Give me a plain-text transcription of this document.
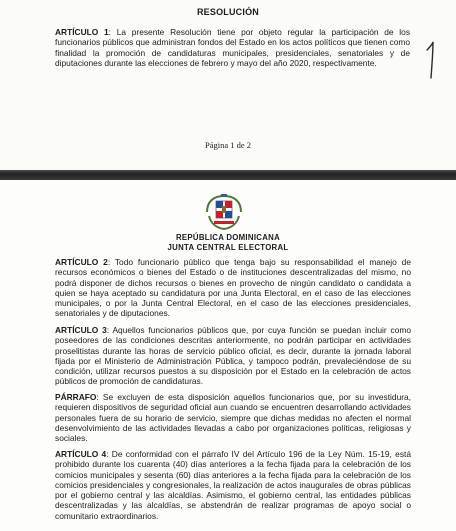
RESOLUCIÓN

ARTÍCULO 1: La presente Resolución tiene por objeto regular la participación de los funcionarios públicos que administran fondos del Estado en los actos políticos que tienen como finalidad la promoción de candidaturas municipales, presidenciales, senatoriales y de diputaciones durante las elecciones de febrero y mayo del año 2020, respectivamente.

Página 1 de 2
REPÚBLICA DOMINICANA
JUNTA CENTRAL ELECTORAL

ARTÍCULO 2: Todo funcionario público que tenga bajo su responsabilidad el manejo de recursos económicos o bienes del Estado o de instituciones descentralizadas del mismo, no podrá disponer de dichos recursos o bienes en provecho de ningún candidato o candidata a quien se haya aceptado su candidatura por una Junta Electoral, en el caso de las elecciones municipales, o por la Junta Central Electoral, en el caso de las elecciones presidenciales, senatoriales y de diputaciones.

ARTÍCULO 3: Aquellos funcionarios públicos que, por cuya función se puedan incluir como poseedores de las condiciones descritas anteriormente, no podrán participar en actividades proselitistas durante las horas de servicio público oficial, es decir, durante la jornada laboral fijada por el Ministerio de Administración Pública, y tampoco podrán, prevaleciéndose de su condición, utilizar recursos puestos a su disposición por el Estado en la celebración de actos públicos de promoción de candidaturas.

PÁRRAFO: Se excluyen de esta disposición aquellos funcionarios que, por su investidura, requieren dispositivos de seguridad oficial aun cuando se encuentren desarrollando actividades personales fuera de su horario de servicio, siempre que dichas medidas no afecten el normal desenvolvimiento de las actividades llevadas a cabo por organizaciones políticas, religiosas y sociales.

ARTÍCULO 4: De conformidad con el párrafo IV del Artículo 196 de la Ley Núm. 15-19, está prohibido durante los cuarenta (40) días anteriores a la fecha fijada para la celebración de los comicios municipales y sesenta (60) días anteriores a la fecha fijada para la celebración de los comicios presidenciales y congresionales, la realización de actos inaugurales de obras públicas por el gobierno central y las alcaldías. Asimismo, el gobierno central, las entidades públicas descentralizadas y las alcaldías, se abstendrán de realizar programas de apoyo social o comunitario extraordinarios.
